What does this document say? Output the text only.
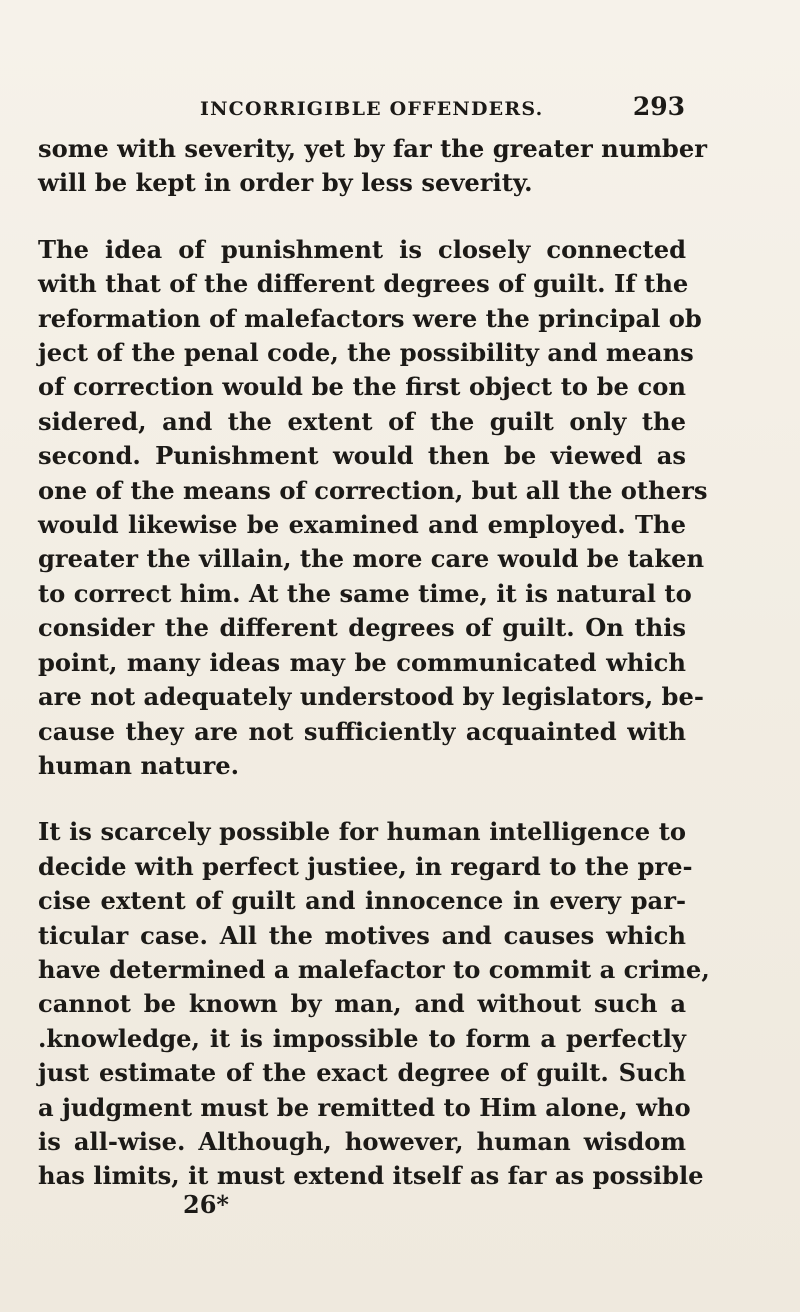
INCORRIGIBLE OFFENDERS.	293
some with severity, yet by far the greater number
will be kept in order by less severity.
The idea of punishment is closely connected
with that of the different degrees of guilt. If the
reformation of malefactors were the principal ob
ject of the penal code, the possibility and means
of correction would be the first object to be con
sidered, and the extent of the guilt only the
second. Punishment would then be viewed as
one of the means of correction, but all the others
would likewise be examined and employed. The
greater the villain, the more care would be taken
to correct him. At the same time, it is natural to
consider the different degrees of guilt. On this
point, many ideas may be communicated which
are not adequately understood by legislators, be-
cause they are not sufficiently acquainted with
human nature.
It is scarcely possible for human intelligence to
decide with perfect justiee, in regard to the pre-
cise extent of guilt and innocence in every par-
ticular case. All the motives and causes which
have determined a malefactor to commit a crime,
cannot be known by man, and without such a
.knowledge, it is impossible to form a perfectly
just estimate of the exact degree of guilt. Such
a judgment must be remitted to Him alone, who
is all-wise. Although, however, human wisdom
has limits, it must extend itself as far as possible
26*
